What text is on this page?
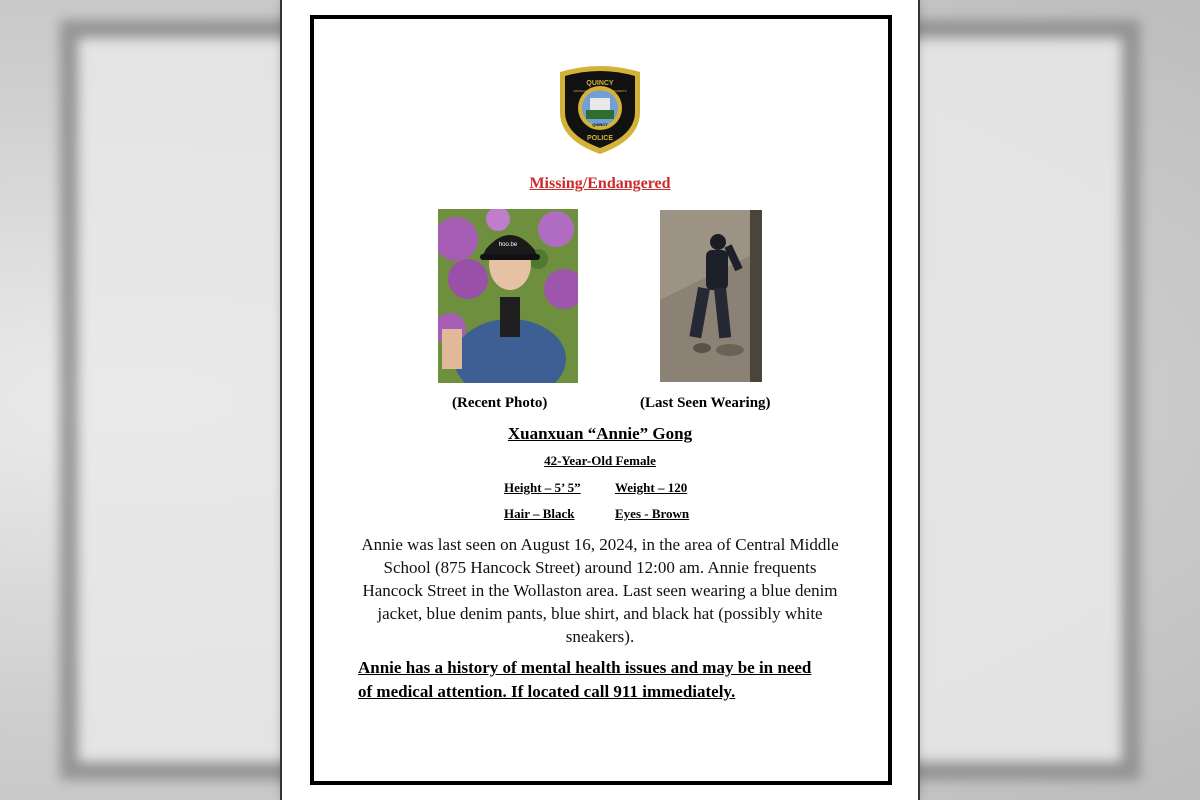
QUINCY
MASSACHUSETTS · CITY OF PRESIDENTS
QUINCY
POLICE
Missing/Endangered
hoo.be
(Recent Photo)	(Last Seen Wearing)
Xuanxuan “Annie” Gong
42-Year-Old Female
Height – 5’ 5”	Weight – 120
Hair – Black	Eyes - Brown
Annie was last seen on August 16, 2024, in the area of Central Middle School (875 Hancock Street) around 12:00 am. Annie frequents Hancock Street in the Wollaston area. Last seen wearing a blue denim jacket, blue denim pants, blue shirt, and black hat (possibly white sneakers).
Annie has a history of mental health issues and may be in need of medical attention. If located call 911 immediately.
